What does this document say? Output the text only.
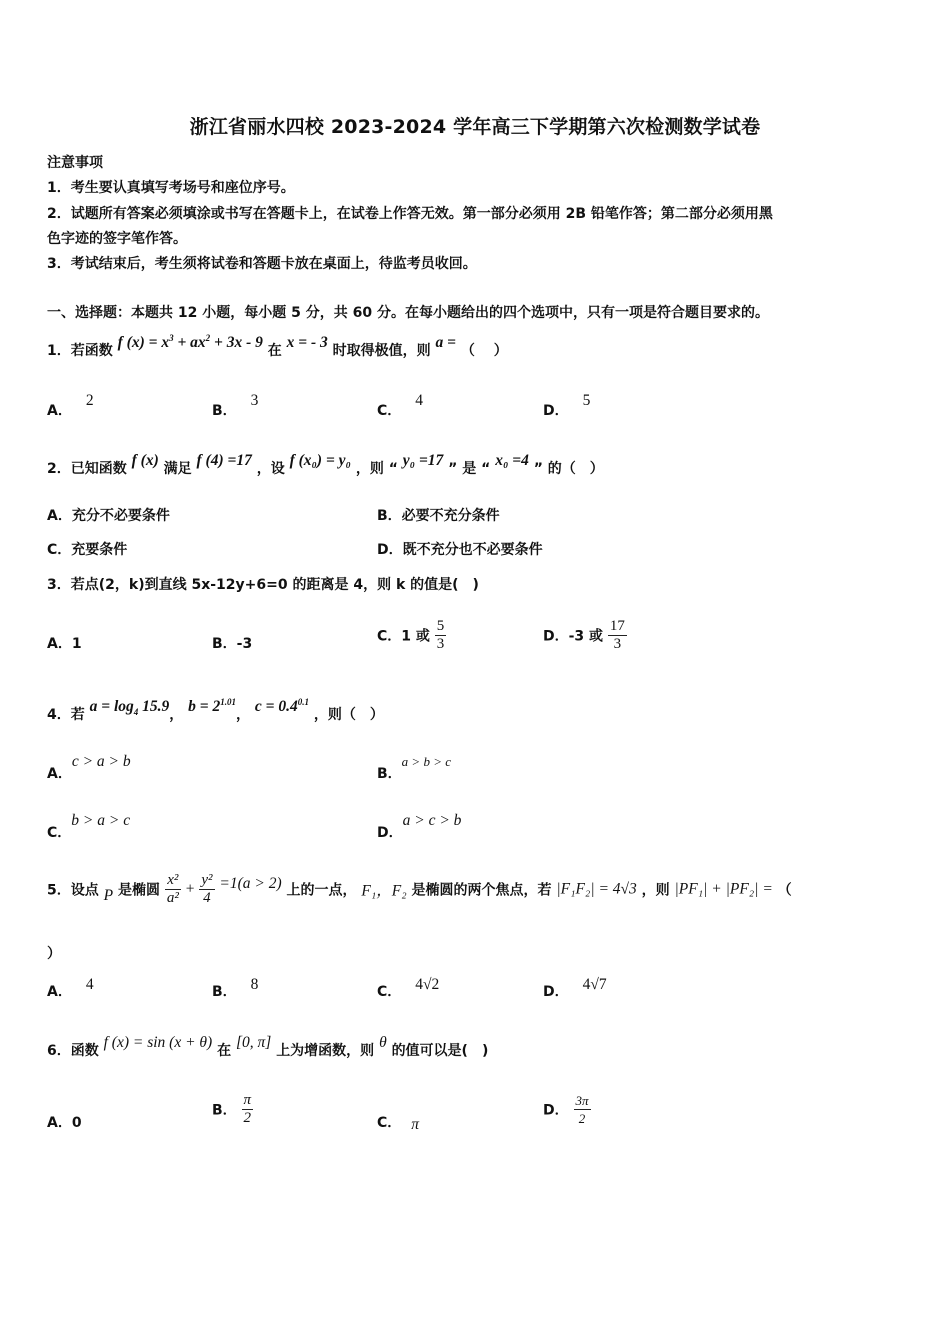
浙江省丽水四校 2023-2024 学年高三下学期第六次检测数学试卷
注意事项
1．考生要认真填写考场号和座位序号。
2．试题所有答案必须填涂或书写在答题卡上，在试卷上作答无效。第一部分必须用 2B 铅笔作答；第二部分必须用黑
色字迹的签字笔作答。
3．考试结束后，考生须将试卷和答题卡放在桌面上，待监考员收回。
一、选择题：本题共 12 小题，每小题 5 分，共 60 分。在每小题给出的四个选项中，只有一项是符合题目要求的。
1．若函数 f $(x) = x^3 + ax^2 + 3x - 9$ 在 x = - 3 时取得极值，则 a = （　 ）
A．2
B．3
C．4
D．5
2．已知函数 f (x) 满足 f (4) =17 ，设 f (x₀) = y₀ ，则 “ y₀ =17 ” 是 “ x₀ =4 ” 的（　）
A．充分不必要条件	B．必要不充分条件
C．充要条件	D．既不充分也不必要条件
3．若点(2，k)到直线 5x-12y+6=0 的距离是 4，则 k 的值是(　)
A．1	B．-3	C．1 或 $\frac{5}{3}$	D．-3 或 $\frac{17}{3}$
4．若 $a = \log_4 15.9$， $b = 2^{1.01}$， $c = 0.4^{0.1}$ ，则（　）
A．c > a > b
B．a > b > c
C．b > a > c
D．a > c > b
5．设点 P 是椭圆 $\frac{\text{x²}}{\text{a²}} + \frac{\text{y²}}{4} =1(a > 2)$ 上的一点， F₁，F₂ 是椭圆的两个焦点，若 |F₁F₂| = 4√3 ，则 |PF₁| + |PF₂| = （
）
A． 4	B． 8	C． 4√2	D． 4√7
6．函数 f (x) = sin (x + θ) 在 [0, π] 上为增函数，则 θ 的值可以是(　)
A．0
B． $\frac{\pi}{2}$	C． π
D． $\frac{3\pi}{2}$
